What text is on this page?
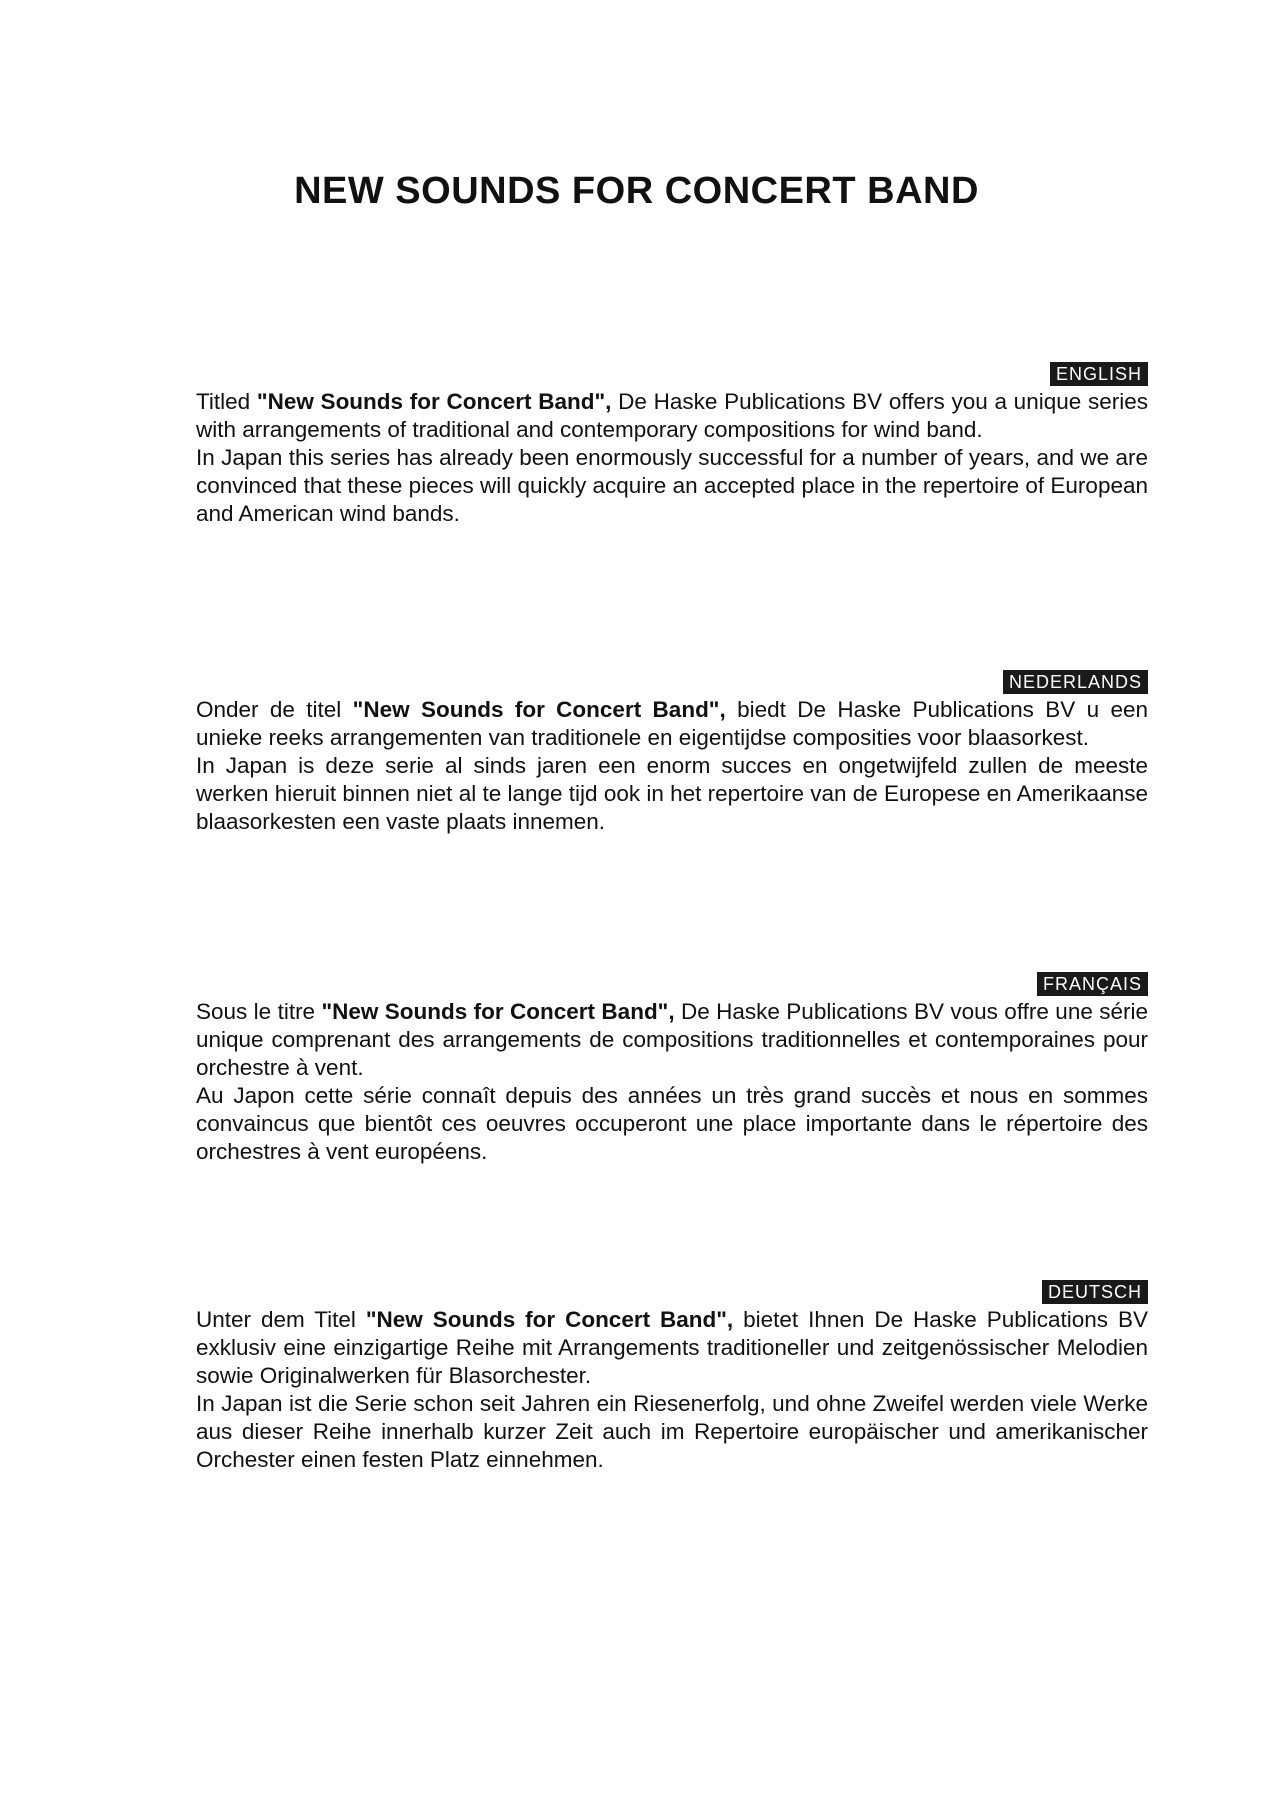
NEW SOUNDS FOR CONCERT BAND
ENGLISH

Titled "New Sounds for Concert Band", De Haske Publications BV offers you a unique series with arrangements of traditional and contemporary compositions for wind band.

In Japan this series has already been enormously successful for a number of years, and we are convinced that these pieces will quickly acquire an accepted place in the repertoire of European and American wind bands.

NEDERLANDS

Onder de titel "New Sounds for Concert Band", biedt De Haske Publications BV u een unieke reeks arrangementen van traditionele en eigentijdse composities voor blaasorkest.

In Japan is deze serie al sinds jaren een enorm succes en ongetwijfeld zullen de meeste werken hieruit binnen niet al te lange tijd ook in het repertoire van de Europese en Amerikaanse blaasorkesten een vaste plaats innemen.

FRANÇAIS

Sous le titre "New Sounds for Concert Band", De Haske Publications BV vous offre une série unique comprenant des arrangements de compositions traditionnelles et contemporaines pour orchestre à vent.

Au Japon cette série connaît depuis des années un très grand succès et nous en sommes convaincus que bientôt ces oeuvres occuperont une place importante dans le répertoire des orchestres à vent européens.

DEUTSCH

Unter dem Titel "New Sounds for Concert Band", bietet Ihnen De Haske Publications BV exklusiv eine einzigartige Reihe mit Arrangements traditioneller und zeitgenössischer Melodien sowie Originalwerken für Blasorchester.

In Japan ist die Serie schon seit Jahren ein Riesenerfolg, und ohne Zweifel werden viele Werke aus dieser Reihe innerhalb kurzer Zeit auch im Repertoire europäischer und amerikanischer Orchester einen festen Platz einnehmen.
